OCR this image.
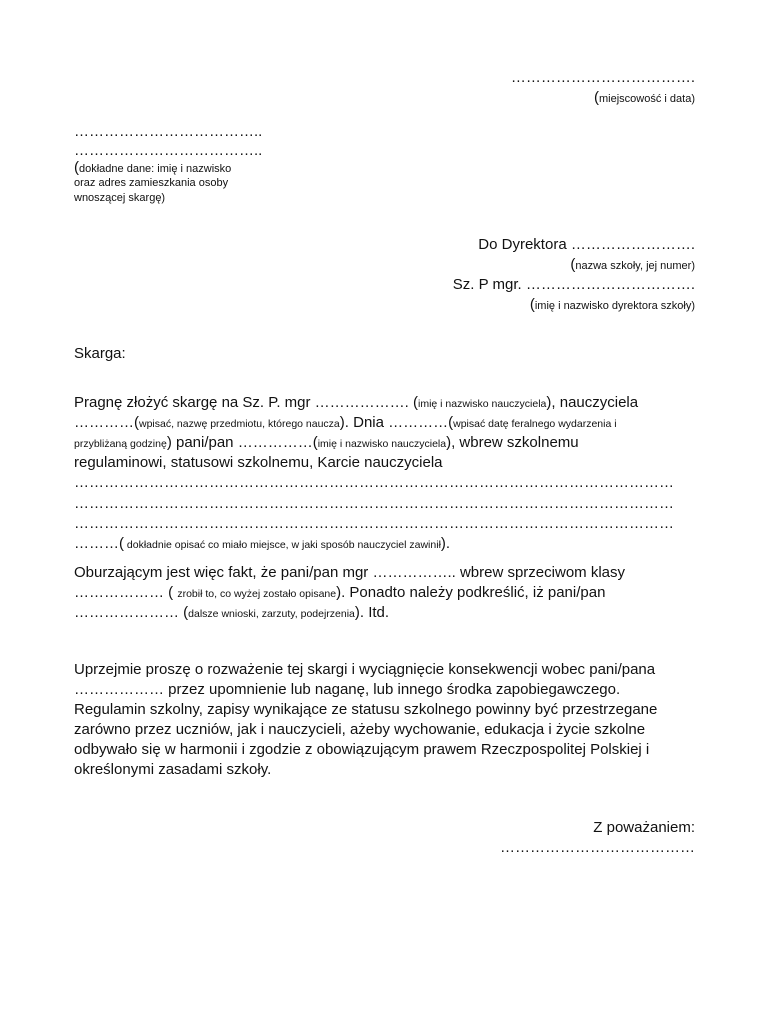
……………………………….
(miejscowość i data)
………………………………..
………………………………..
(dokładne dane: imię i nazwisko
oraz adres zamieszkania osoby
wnoszącej skargę)
Do Dyrektora …………………….
(nazwa szkoły, jej numer)
Sz. P mgr. …………………………….
(imię i nazwisko dyrektora szkoły)
Skarga:
Pragnę złożyć skargę na Sz. P. mgr ………………. (imię i nazwisko nauczyciela), nauczyciela
…………(wpisać, nazwę przedmiotu, którego naucza). Dnia …………(wpisać datę feralnego wydarzenia i
przybliżaną godzinę) pani/pan ……………(imię i nazwisko nauczyciela), wbrew szkolnemu
regulaminowi, statusowi szkolnemu, Karcie nauczyciela
…………………………………………………………………………………………………………
…………………………………………………………………………………………………………
…………………………………………………………………………………………………………
………( dokładnie opisać co miało miejsce, w jaki sposób nauczyciel zawinił).
Oburzającym jest więc fakt, że pani/pan mgr …………….. wbrew sprzeciwom klasy
……………… ( zrobił to, co wyżej zostało opisane). Ponadto należy podkreślić, iż pani/pan
………………… (dalsze wnioski, zarzuty, podejrzenia). Itd.
Uprzejmie proszę o rozważenie tej skargi i wyciągnięcie konsekwencji wobec pani/pana
……………… przez upomnienie lub naganę, lub innego środka zapobiegawczego.
Regulamin szkolny, zapisy wynikające ze statusu szkolnego powinny być przestrzegane
zarówno przez uczniów, jak i nauczycieli, ażeby wychowanie, edukacja i życie szkolne
odbywało się w harmonii i zgodzie z obowiązującym prawem Rzeczpospolitej Polskiej i
określonymi zasadami szkoły.
Z poważaniem:
…………………………………
